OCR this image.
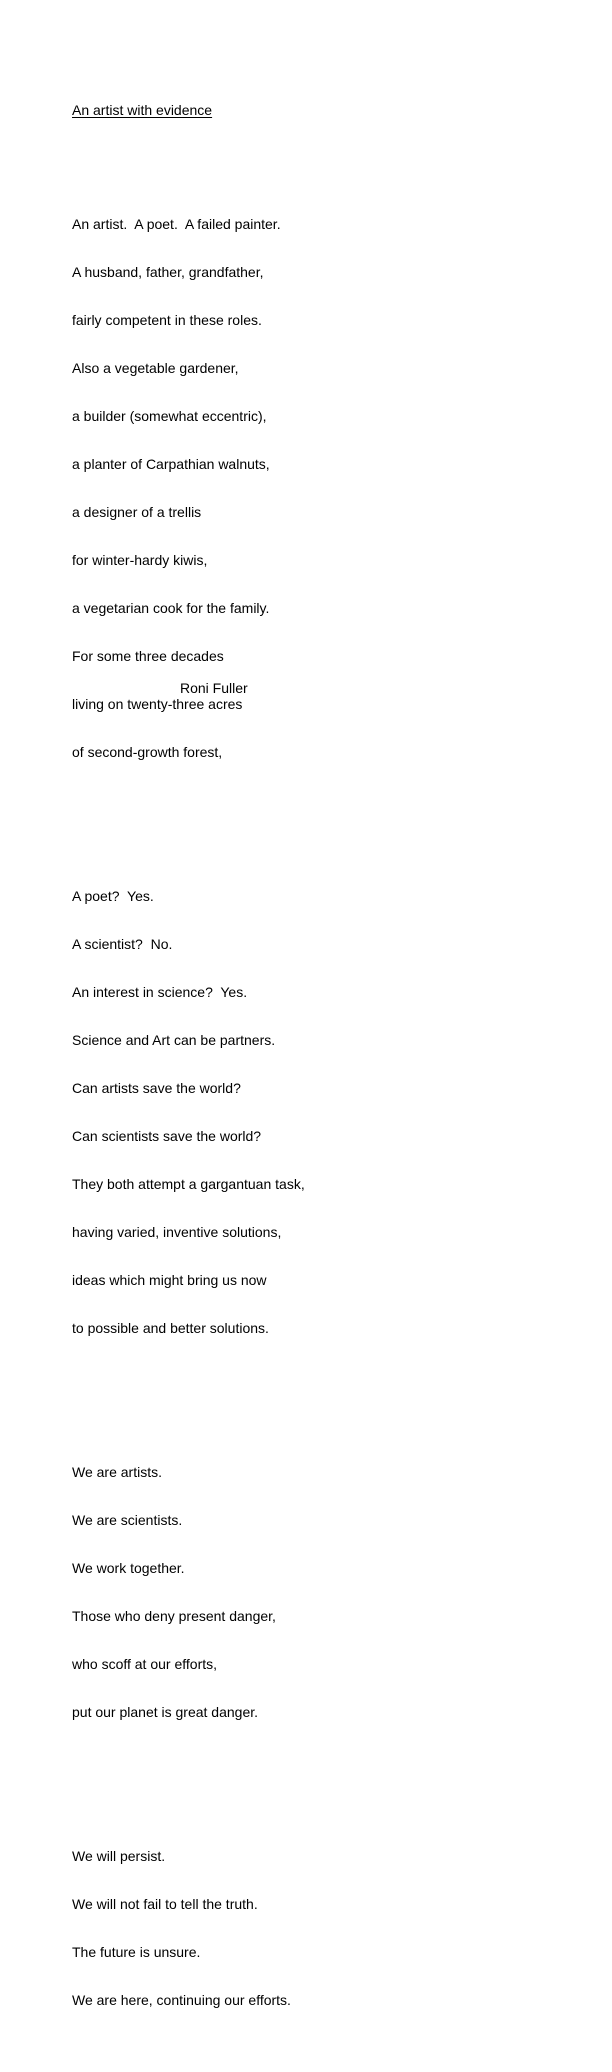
An artist with evidence

An artist.  A poet.  A failed painter.

A husband, father, grandfather,

fairly competent in these roles.

Also a vegetable gardener,

a builder (somewhat eccentric),

a planter of Carpathian walnuts,

a designer of a trellis

for winter-hardy kiwis,

a vegetarian cook for the family.

For some three decades

living on twenty-three acres

of second-growth forest,

A poet?  Yes.

A scientist?  No.

An interest in science?  Yes.

Science and Art can be partners.

Can artists save the world?

Can scientists save the world?

They both attempt a gargantuan task,

having varied, inventive solutions,

ideas which might bring us now

to possible and better solutions.

We are artists.

We are scientists.

We work together.

Those who deny present danger,

who scoff at our efforts,

put our planet is great danger.

We will persist.

We will not fail to tell the truth.

The future is unsure.

We are here, continuing our efforts.

Roni Fuller
